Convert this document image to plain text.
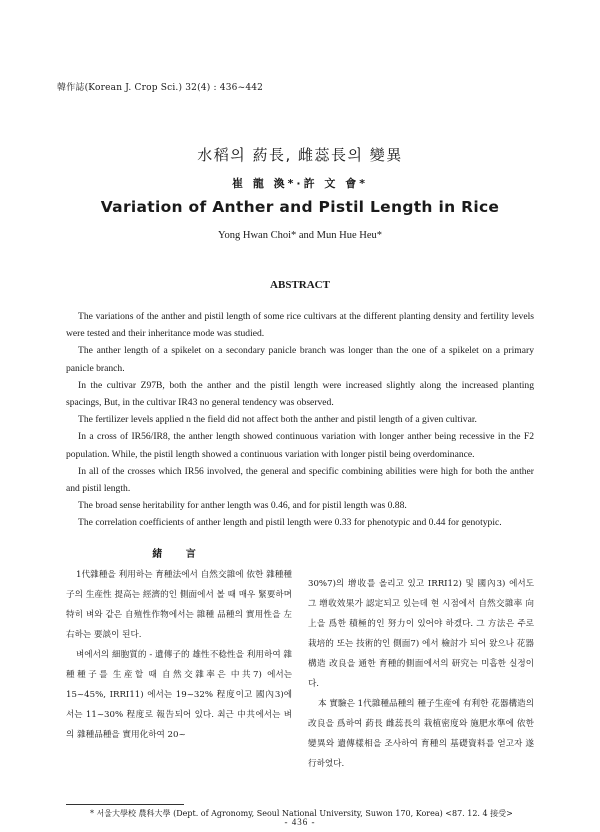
韓作誌(Korean J. Crop Sci.) 32(4) : 436~442
水稻의 葯長, 雌蕊長의 變異
崔 龍 渙*·許 文 會*
Variation of Anther and Pistil Length in Rice
Yong Hwan Choi* and Mun Hue Heu*
ABSTRACT

The variations of the anther and pistil length of some rice cultivars at the different planting density and fertility levels were tested and their inheritance mode was studied.

The anther length of a spikelet on a secondary panicle branch was longer than the one of a spikelet on a primary panicle branch.

In the cultivar Z97B, both the anther and the pistil length were increased slightly along the increased planting spacings, But, in the cultivar IR43 no general tendency was observed.

The fertilizer levels applied n the field did not affect both the anther and pistil length of a given cultivar.

In a cross of IR56/IR8, the anther length showed continuous variation with longer anther being recessive in the F2 population. While, the pistil length showed a continuous variation with longer pistil being overdominance.

In all of the crosses which IR56 involved, the general and specific combining abilities were high for both the anther and pistil length.

The broad sense heritability for anther length was 0.46, and for pistil length was 0.88.

The correlation coefficients of anther length and pistil length were 0.33 for phenotypic and 0.44 for genotypic.

緒 言

1代雜種을 利用하는 育種法에서 自然交雜에 依한 雜種種子의 生産性 提高는 經濟的인 側面에서 볼 때 매우 緊要하며 特히 벼와 같은 自殖性作物에서는 雜種 品種의 實用性을 左右하는 要談이 된다.

벼에서의 細胞質的 - 遺傳子的 雄性不稔性을 利用하여 雜種種子를 生産할 때 自然交雜率은 中共7) 에서는 15~45%, IRRI11) 에서는 19~32% 程度이고 國內3)에서는 11~30% 程度로 報告되어 있다. 최근 中共에서는 벼의 雜種品種을 實用化하여 20~

30%7)의 增收를 올리고 있고 IRRI12) 및 國內3) 에서도 그 增收效果가 認定되고 있는데 현 시점에서 自然交雜率 向上을 爲한 積極的인 努力이 있어야 하겠다. 그 方法은 주로 栽培的 또는 技術的인 側面7) 에서 檢討가 되어 왔으나 花器構造 改良을 通한 育種的側面에서의 研究는 미흡한 실정이다.

本 實驗은 1代雜種品種의 種子生産에 有利한 花器構造의 改良을 爲하여 葯長 雌蕊長의 栽植密度와 施肥水準에 依한 變異와 遺傳樣相을 조사하여 育種의 基礎資料를 얻고자 遂行하였다.

* 서울大學校 農科大學 (Dept. of Agronomy, Seoul National University, Suwon 170, Korea) <87. 12. 4 接受>
- 436 -
